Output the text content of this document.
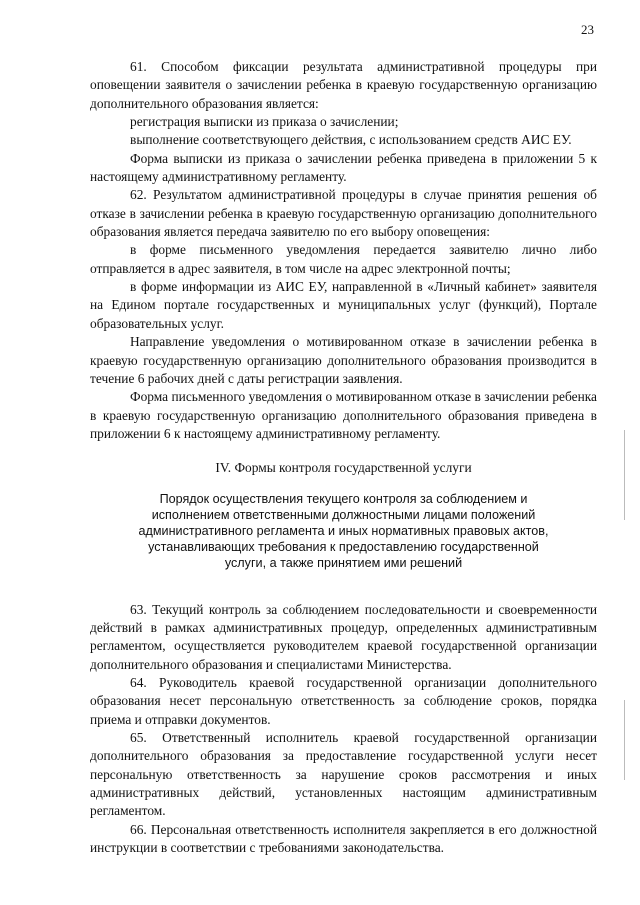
23

61. Способом фиксации результата административной процедуры при оповещении заявителя о зачислении ребенка в краевую государственную организацию дополнительного образования является:

регистрация выписки из приказа о зачислении;

выполнение соответствующего действия, с использованием средств АИС ЕУ.

Форма выписки из приказа о зачислении ребенка приведена в приложении 5 к настоящему административному регламенту.

62. Результатом административной процедуры в случае принятия решения об отказе в зачислении ребенка в краевую государственную организацию дополнительного образования является передача заявителю по его выбору оповещения:

в форме письменного уведомления передается заявителю лично либо отправляется в адрес заявителя, в том числе на адрес электронной почты;

в форме информации из АИС ЕУ, направленной в «Личный кабинет» заявителя на Едином портале государственных и муниципальных услуг (функций), Портале образовательных услуг.

Направление уведомления о мотивированном отказе в зачислении ребенка в краевую государственную организацию дополнительного образования производится в течение 6 рабочих дней с даты регистрации заявления.

Форма письменного уведомления о мотивированном отказе в зачислении ребенка в краевую государственную организацию дополнительного образования приведена в приложении 6 к настоящему административному регламенту.

IV. Формы контроля государственной услуги

Порядок осуществления текущего контроля за соблюдением и исполнением ответственными должностными лицами положений административного регламента и иных нормативных правовых актов, устанавливающих требования к предоставлению государственной услуги, а также принятием ими решений

63. Текущий контроль за соблюдением последовательности и своевременности действий в рамках административных процедур, определенных административным регламентом, осуществляется руководителем краевой государственной организации дополнительного образования и специалистами Министерства.

64. Руководитель краевой государственной организации дополнительного образования несет персональную ответственность за соблюдение сроков, порядка приема и отправки документов.

65. Ответственный исполнитель краевой государственной организации дополнительного образования за предоставление государственной услуги несет персональную ответственность за нарушение сроков рассмотрения и иных административных действий, установленных настоящим административным регламентом.

66. Персональная ответственность исполнителя закрепляется в его должностной инструкции в соответствии с требованиями законодательства.
